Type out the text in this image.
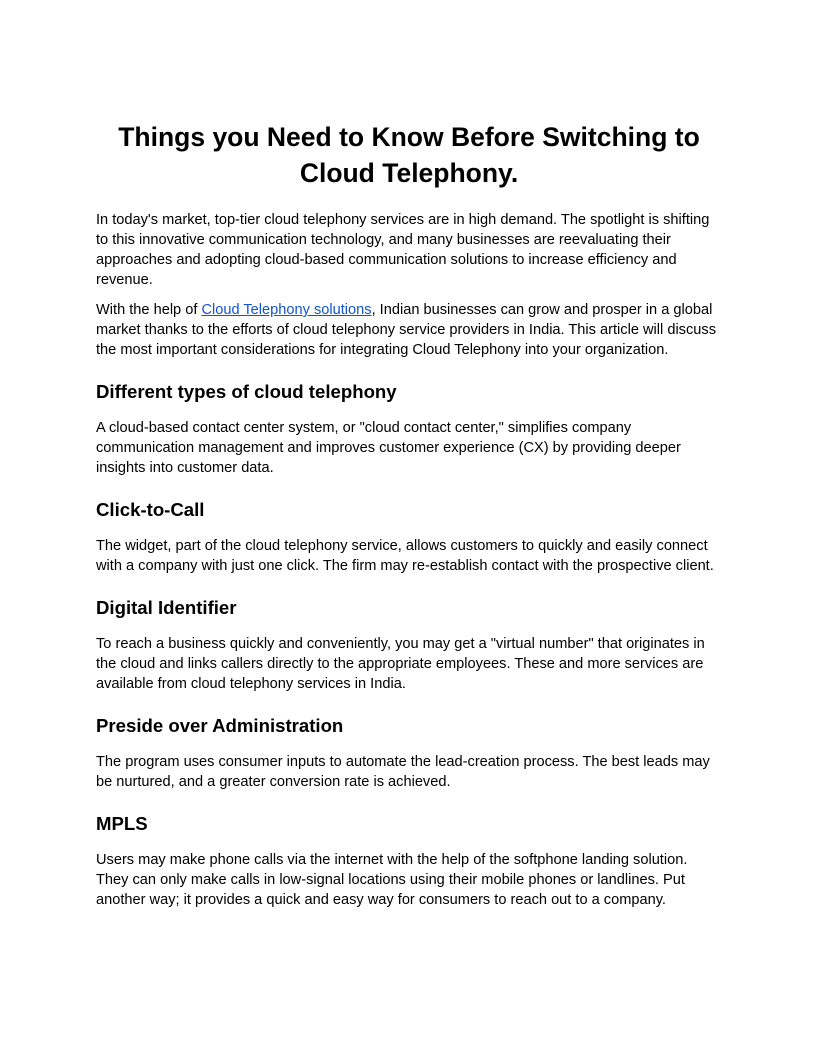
Things you Need to Know Before Switching to Cloud Telephony.

In today's market, top-tier cloud telephony services are in high demand. The spotlight is shifting to this innovative communication technology, and many businesses are reevaluating their approaches and adopting cloud-based communication solutions to increase efficiency and revenue.

With the help of Cloud Telephony solutions, Indian businesses can grow and prosper in a global market thanks to the efforts of cloud telephony service providers in India. This article will discuss the most important considerations for integrating Cloud Telephony into your organization.

Different types of cloud telephony

A cloud-based contact center system, or "cloud contact center," simplifies company communication management and improves customer experience (CX) by providing deeper insights into customer data.

Click-to-Call

The widget, part of the cloud telephony service, allows customers to quickly and easily connect with a company with just one click. The firm may re-establish contact with the prospective client.

Digital Identifier

To reach a business quickly and conveniently, you may get a "virtual number" that originates in the cloud and links callers directly to the appropriate employees. These and more services are available from cloud telephony services in India.

Preside over Administration

The program uses consumer inputs to automate the lead-creation process. The best leads may be nurtured, and a greater conversion rate is achieved.

MPLS

Users may make phone calls via the internet with the help of the softphone landing solution. They can only make calls in low-signal locations using their mobile phones or landlines. Put another way; it provides a quick and easy way for consumers to reach out to a company.
